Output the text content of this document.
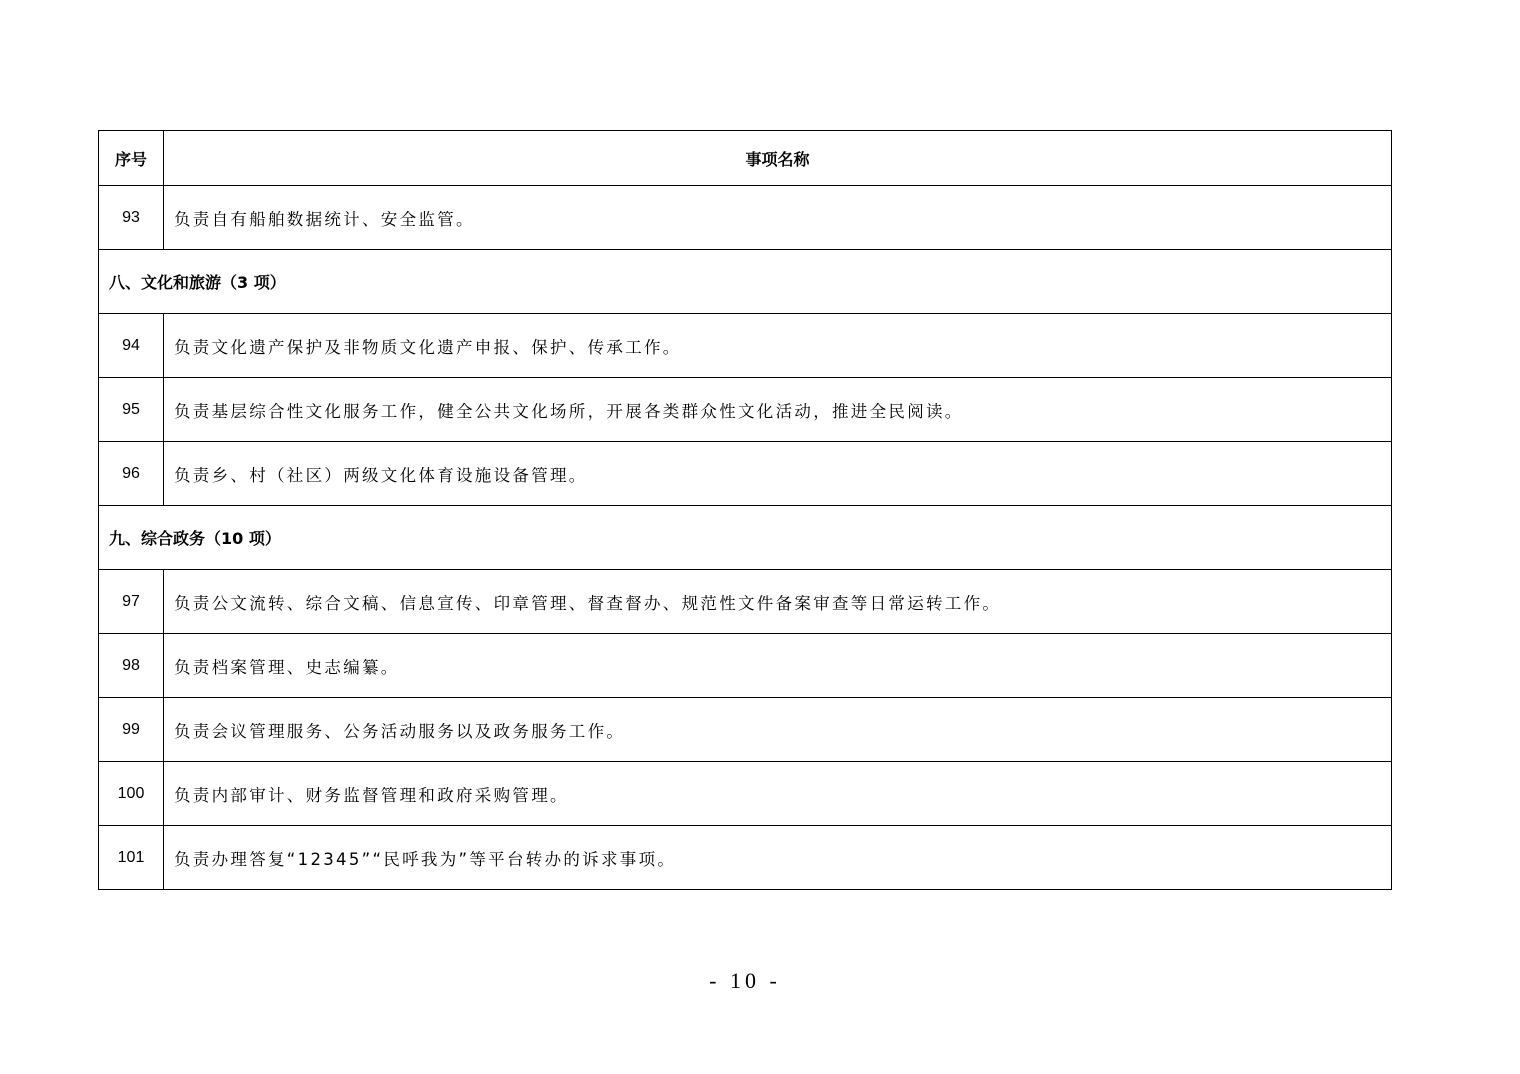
序号	事项名称
93	负责自有船舶数据统计、安全监管。
八、文化和旅游（3 项）	
94	负责文化遗产保护及非物质文化遗产申报、保护、传承工作。
95	负责基层综合性文化服务工作，健全公共文化场所，开展各类群众性文化活动，推进全民阅读。
96	负责乡、村（社区）两级文化体育设施设备管理。
九、综合政务（10 项）	
97	负责公文流转、综合文稿、信息宣传、印章管理、督查督办、规范性文件备案审查等日常运转工作。
98	负责档案管理、史志编纂。
99	负责会议管理服务、公务活动服务以及政务服务工作。
100	负责内部审计、财务监督管理和政府采购管理。
101	负责办理答复“12345”“民呼我为”等平台转办的诉求事项。
- 10 -
